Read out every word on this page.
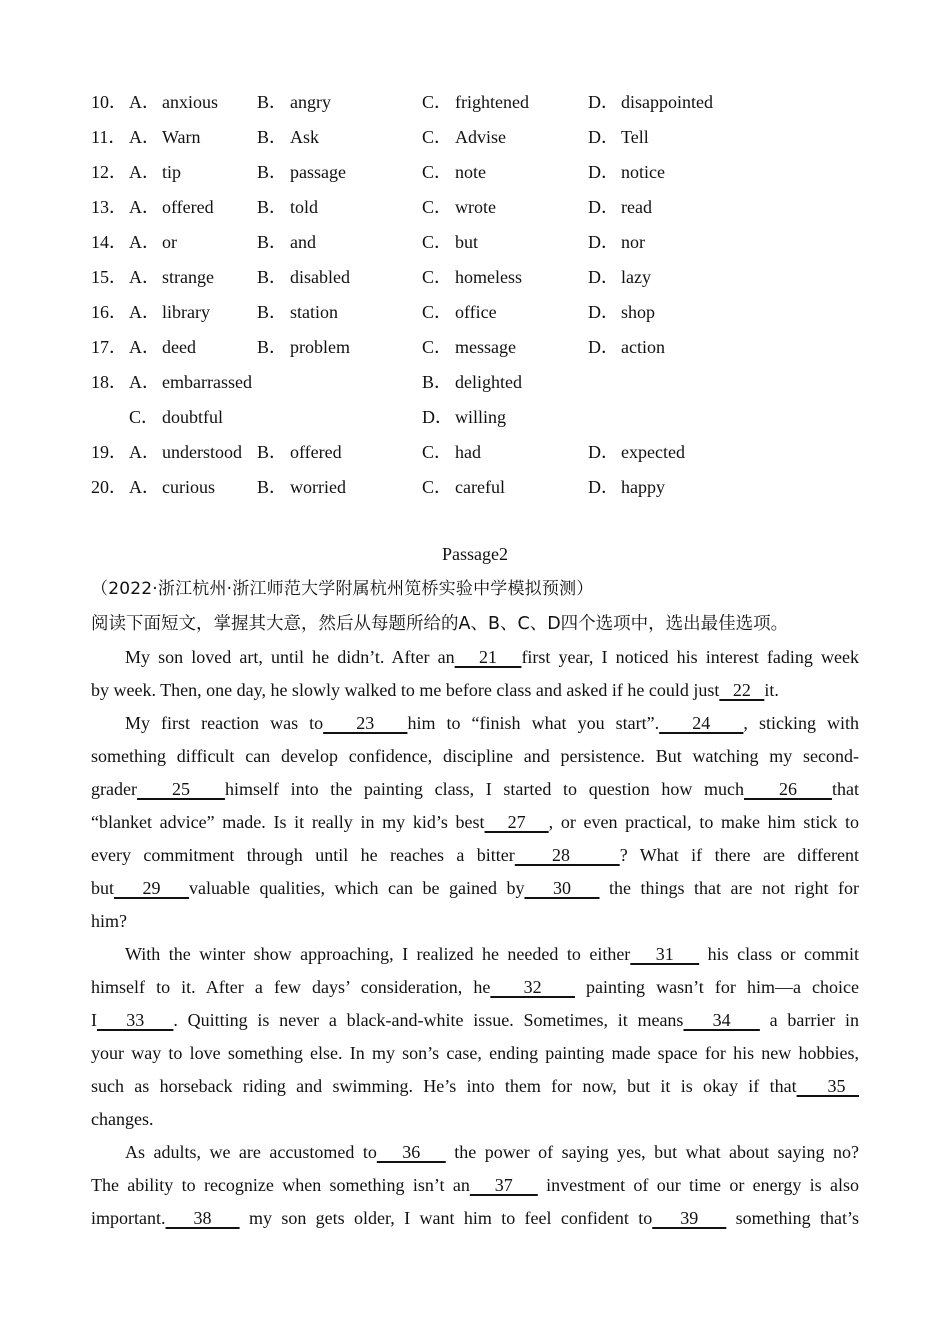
10． A． anxious B． angry	C． frightened	D． disappointed
11． A． Warn	B． Ask	C． Advise	D． Tell
12． A． tip	B． passage	C． note	D． notice
13． A． offered B． told	C． wrote	D． read
14． A． or	B． and	C． but	D． nor
15． A． strange B． disabled	C． homeless	D． lazy
16． A． library	B． station	C． office	D． shop
17． A． deed	B． problem	C． message	D． action
18． A． embarrassed	B． delighted
C． doubtful	D． willing
19． A． understood B． offered	C． had	D． expected
20． A． curious B． worried	C． careful	D． happy
Passage2
（2022·浙江杭州·浙江师范大学附属杭州笕桥实验中学模拟预测）
阅读下面短文，掌握其大意，然后从每题所给的A、B、C、D四个选项中，选出最佳选项。
My son loved art, until he didn’t. After an   21   first year, I noticed his interest fading week
by week. Then, one day, he slowly walked to me before class and asked if he could just   22   it.
My first reaction was to   23   him to “finish what you start”.   24   , sticking with
something difficult can develop confidence, discipline and persistence. But watching my second-
grader   25   himself into the painting class, I started to question how much   26   that
“blanket advice” made. Is it really in my kid’s best   27   , or even practical, to make him stick to
every commitment through until he reaches a bitter   28    ? What if there are different
but   29   valuable qualities, which can be gained by   30    the things that are not right for
him?
With the winter show approaching, I realized he needed to either   31    his class or commit
himself to it. After a few days’ consideration, he   32    painting wasn’t for him—a choice
I   33   . Quitting is never a black-and-white issue. Sometimes, it means   34    a barrier in
your way to love something else. In my son’s case, ending painting made space for his new hobbies,
such as horseback riding and swimming. He’s into them for now, but it is okay if that   35
changes.
As adults, we are accustomed to   36    the power of saying yes, but what about saying no?
The ability to recognize when something isn’t an   37    investment of our time or energy is also
important.   38    my son gets older, I want him to feel confident to   39    something that’s
